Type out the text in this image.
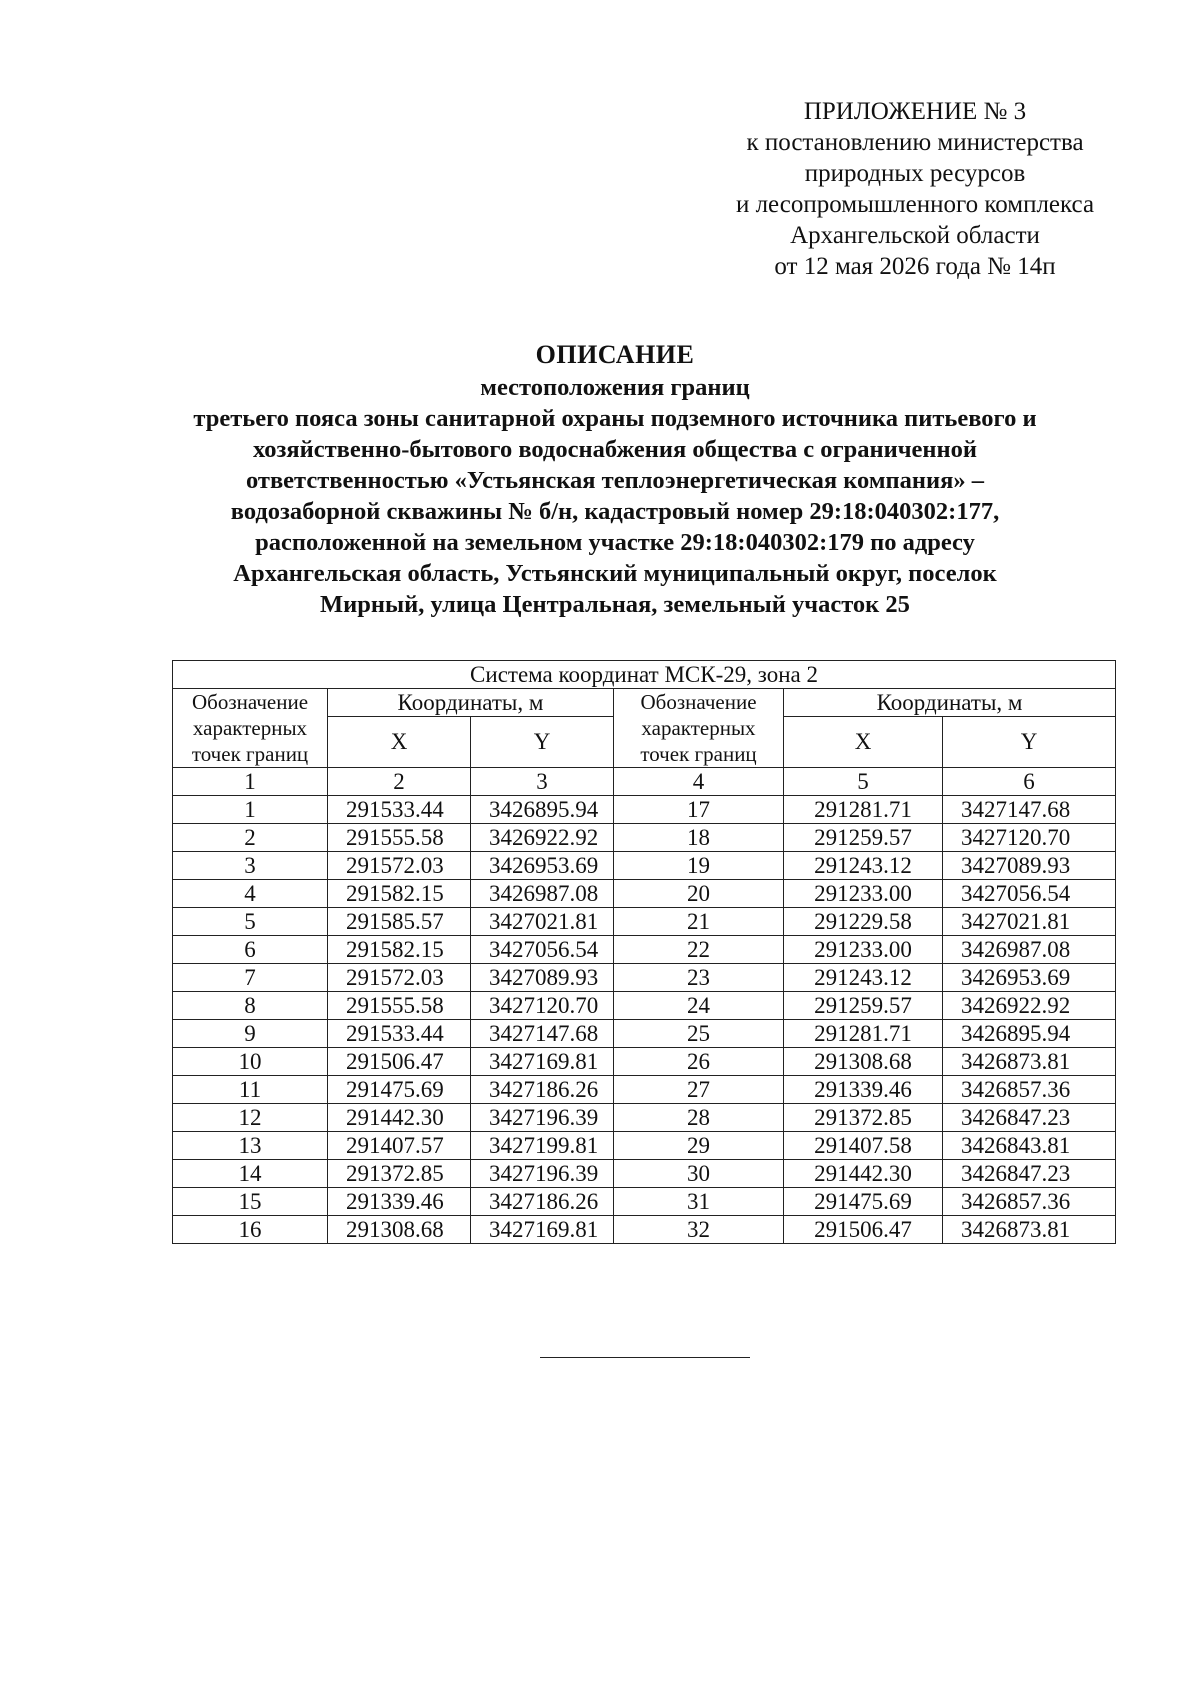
ПРИЛОЖЕНИЕ № 3
к постановлению министерства
природных ресурсов
и лесопромышленного комплекса
Архангельской области
от 12 мая 2026 года № 14п
ОПИСАНИЕ
местоположения границ
третьего пояса зоны санитарной охраны подземного источника питьевого и
хозяйственно-бытового водоснабжения общества с ограниченной
ответственностью «Устьянская теплоэнергетическая компания» –
водозаборной скважины № б/н, кадастровый номер 29:18:040302:177,
расположенной на земельном участке 29:18:040302:179 по адресу
Архангельская область, Устьянский муниципальный округ, поселок
Мирный, улица Центральная, земельный участок 25
Система координат МСК-29, зона 2					
Обозначение характерных точек границ	Координаты, м		Обозначение характерных точек границ	Координаты, м	
	X	Y		X	Y
1	2	3	4	5	6
1	291533.44	3426895.94	17	291281.71	3427147.68
2	291555.58	3426922.92	18	291259.57	3427120.70
3	291572.03	3426953.69	19	291243.12	3427089.93
4	291582.15	3426987.08	20	291233.00	3427056.54
5	291585.57	3427021.81	21	291229.58	3427021.81
6	291582.15	3427056.54	22	291233.00	3426987.08
7	291572.03	3427089.93	23	291243.12	3426953.69
8	291555.58	3427120.70	24	291259.57	3426922.92
9	291533.44	3427147.68	25	291281.71	3426895.94
10	291506.47	3427169.81	26	291308.68	3426873.81
11	291475.69	3427186.26	27	291339.46	3426857.36
12	291442.30	3427196.39	28	291372.85	3426847.23
13	291407.57	3427199.81	29	291407.58	3426843.81
14	291372.85	3427196.39	30	291442.30	3426847.23
15	291339.46	3427186.26	31	291475.69	3426857.36
16	291308.68	3427169.81	32	291506.47	3426873.81
